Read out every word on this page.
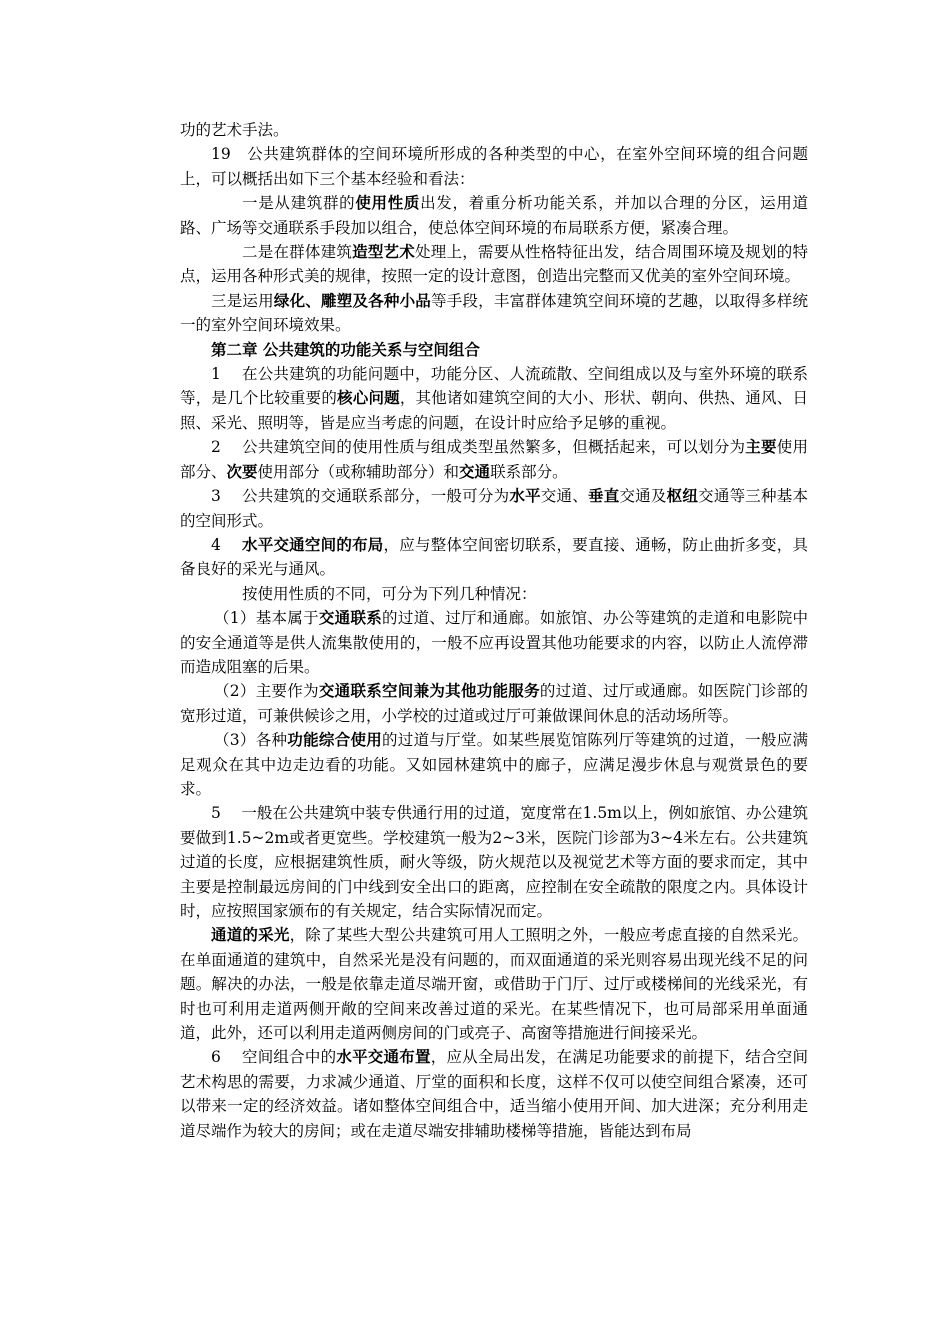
功的艺术手法。

19　公共建筑群体的空间环境所形成的各种类型的中心，在室外空间环境的组合问题上，可以概括出如下三个基本经验和看法：

一是从建筑群的使用性质出发，着重分析功能关系，并加以合理的分区，运用道路、广场等交通联系手段加以组合，使总体空间环境的布局联系方便，紧凑合理。

二是在群体建筑造型艺术处理上，需要从性格特征出发，结合周围环境及规划的特点，运用各种形式美的规律，按照一定的设计意图，创造出完整而又优美的室外空间环境。

三是运用绿化、雕塑及各种小品等手段，丰富群体建筑空间环境的艺趣，以取得多样统一的室外空间环境效果。

第二章 公共建筑的功能关系与空间组合

1　 在公共建筑的功能问题中，功能分区、人流疏散、空间组成以及与室外环境的联系等，是几个比较重要的核心问题，其他诸如建筑空间的大小、形状、朝向、供热、通风、日照、采光、照明等，皆是应当考虑的问题，在设计时应给予足够的重视。

2　 公共建筑空间的使用性质与组成类型虽然繁多，但概括起来，可以划分为主要使用部分、次要使用部分（或称辅助部分）和交通联系部分。

3　 公共建筑的交通联系部分，一般可分为水平交通、垂直交通及枢纽交通等三种基本的空间形式。

4　 水平交通空间的布局，应与整体空间密切联系，要直接、通畅，防止曲折多变，具备良好的采光与通风。

按使用性质的不同，可分为下列几种情况：

（1）基本属于交通联系的过道、过厅和通廊。如旅馆、办公等建筑的走道和电影院中的安全通道等是供人流集散使用的，一般不应再设置其他功能要求的内容，以防止人流停滞而造成阻塞的后果。

（2）主要作为交通联系空间兼为其他功能服务的过道、过厅或通廊。如医院门诊部的宽形过道，可兼供候诊之用，小学校的过道或过厅可兼做课间休息的活动场所等。

（3）各种功能综合使用的过道与厅堂。如某些展览馆陈列厅等建筑的过道，一般应满足观众在其中边走边看的功能。又如园林建筑中的廊子，应满足漫步休息与观赏景色的要求。

5　 一般在公共建筑中装专供通行用的过道，宽度常在1.5m以上，例如旅馆、办公建筑要做到1.5~2m或者更宽些。学校建筑一般为2~3米，医院门诊部为3~4米左右。公共建筑过道的长度，应根据建筑性质，耐火等级，防火规范以及视觉艺术等方面的要求而定，其中主要是控制最远房间的门中线到安全出口的距离，应控制在安全疏散的限度之内。具体设计时，应按照国家颁布的有关规定，结合实际情况而定。

通道的采光，除了某些大型公共建筑可用人工照明之外，一般应考虑直接的自然采光。在单面通道的建筑中，自然采光是没有问题的，而双面通道的采光则容易出现光线不足的问题。解决的办法，一般是依靠走道尽端开窗，或借助于门厅、过厅或楼梯间的光线采光，有时也可利用走道两侧开敞的空间来改善过道的采光。在某些情况下，也可局部采用单面通道，此外，还可以利用走道两侧房间的门或亮子、高窗等措施进行间接采光。

6　 空间组合中的水平交通布置，应从全局出发，在满足功能要求的前提下，结合空间艺术构思的需要，力求减少通道、厅堂的面积和长度，这样不仅可以使空间组合紧凑，还可以带来一定的经济效益。诸如整体空间组合中，适当缩小使用开间、加大进深；充分利用走道尽端作为较大的房间；或在走道尽端安排辅助楼梯等措施，皆能达到布局
